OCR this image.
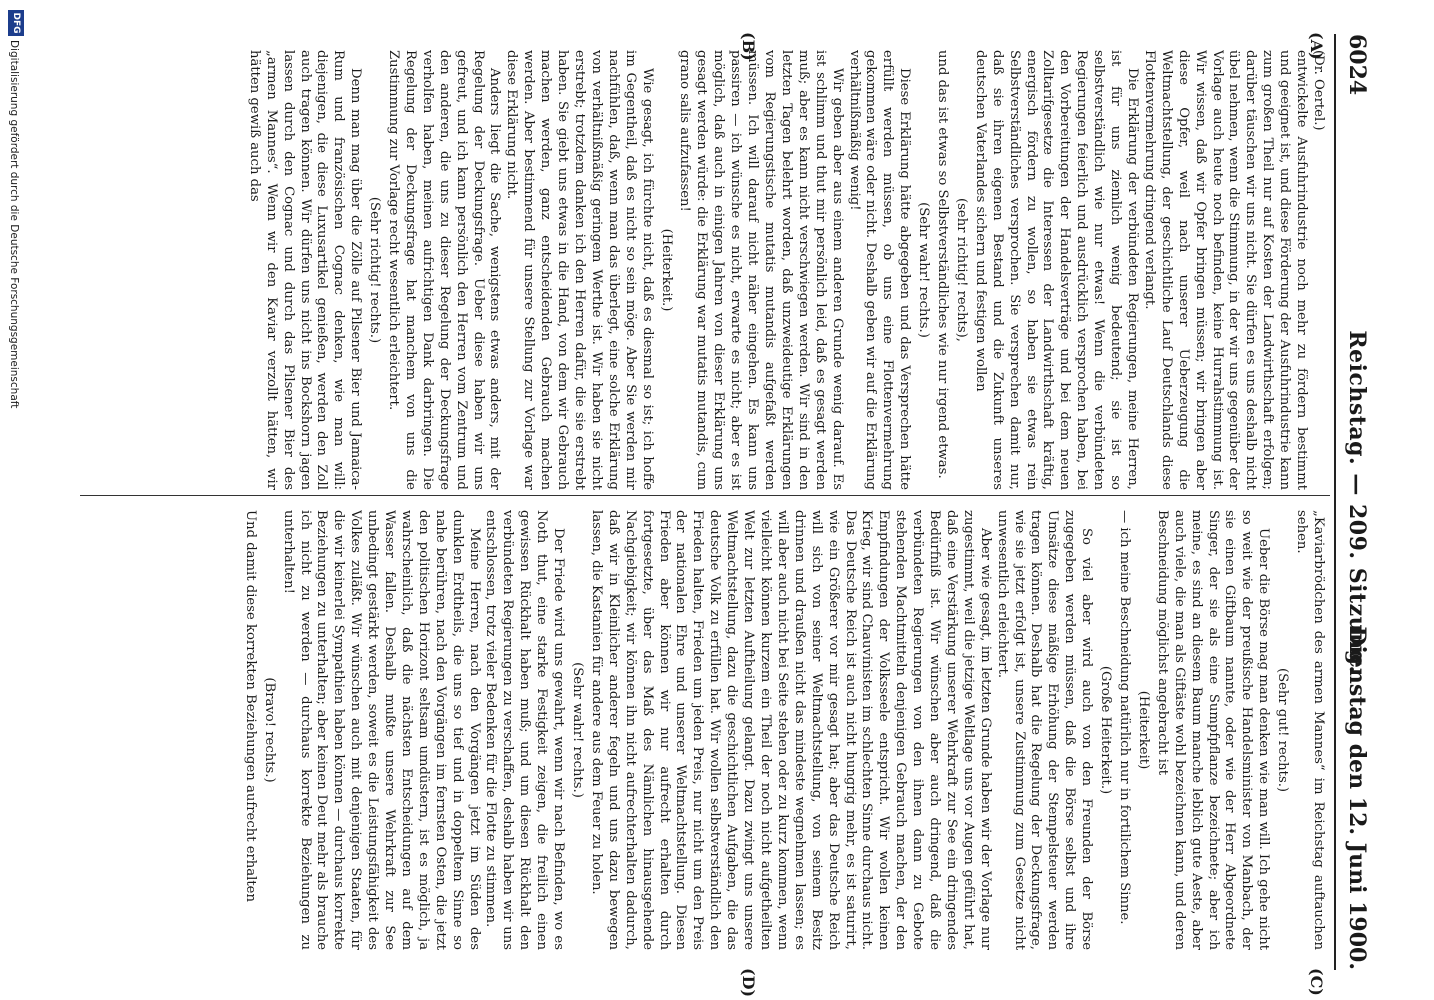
6024
Reichstag. — 209. Sitzung.
Dienstag den 12. Juni 1900.
(A)
(B)
(C)
(D)

(Dr. Oertel.)

entwickelte Ausfuhrindustrie noch mehr zu fördern bestimmt und geeignet ist, und diese Förderung der Ausfuhrindustrie kann zum großen Theil nur auf Kosten der Landwirthschaft erfolgen; darüber täuschen wir uns nicht. Sie dürfen es uns deshalb nicht übel nehmen, wenn die Stimmung, in der wir uns gegenüber der Vorlage auch heute noch befinden, keine Hurrahstimmung ist. Wir wissen, daß wir Opfer bringen müssen; wir bringen aber diese Opfer, weil nach unserer Ueberzeugung die Weltmachtstellung, der geschichtliche Lauf Deutschlands diese Flottenvermehrung dringend verlangt.

Die Erklärung der verbündeten Regierungen, meine Herren, ist für uns ziemlich wenig bedeutend; sie ist so selbstverständlich wie nur etwas! Wenn die verbündeten Regierungen feierlich und ausdrücklich versprochen haben, bei den Vorbereitungen der Handelsverträge und bei dem neuen Zolltarifgesetze die Interessen der Landwirthschaft kräftig, energisch fördern zu wollen, so haben sie etwas rein Selbstverständliches versprochen. Sie versprechen damit nur, daß sie ihren eigenen Bestand und die Zukunft unseres deutschen Vaterlandes sichern und festigen wollen

(sehr richtig! rechts),

und das ist etwas so Selbstverständliches wie nur irgend etwas.

(Sehr wahr! rechts.)

Diese Erklärung hätte abgegeben und das Versprechen hätte erfüllt werden müssen, ob uns eine Flottenvermehrung gekommen wäre oder nicht. Deshalb geben wir auf die Erklärung verhältnißmäßig wenig!

Wir geben aber aus einem anderen Grunde wenig darauf. Es ist schlimm und thut mir persönlich leid, daß es gesagt werden muß; aber es kann nicht verschwiegen werden. Wir sind in den letzten Tagen belehrt worden, daß unzweideutige Erklärungen vom Regierungstische mutatis mutandis aufgefaßt werden müssen. Ich will darauf nicht näher eingehen. Es kann uns passiren — ich wünsche es nicht, erwarte es nicht; aber es ist möglich, daß auch in einigen Jahren von dieser Erklärung uns gesagt werden würde: die Erklärung war mutatis mutandis, cum grano salis aufzufassen!

(Heiterkeit.)

Wie gesagt, ich fürchte nicht, daß es diesmal so ist; ich hoffe im Gegentheil, daß es nicht so sein möge. Aber Sie werden mir nachfühlen, daß, wenn man das überlegt, eine solche Erklärung von verhältnißmäßig geringem Werthe ist. Wir haben sie nicht erstrebt; trotzdem danken ich den Herren dafür, die sie erstrebt haben. Sie giebt uns etwas in die Hand, von dem wir Gebrauch machen werden, ganz entscheidenden Gebrauch machen werden. Aber bestimmend für unsere Stellung zur Vorlage war diese Erklärung nicht.

Anders liegt die Sache, wenigstens etwas anders, mit der Regelung der Deckungsfrage. Ueber diese haben wir uns gefreut, und ich kann persönlich den Herren vom Zentrum und den anderen, die uns zu dieser Regelung der Deckungsfrage verholfen haben, meinen aufrichtigen Dank darbringen. Die Regelung der Deckungsfrage hat manchem von uns die Zustimmung zur Vorlage recht wesentlich erleichtert.

(Sehr richtig! rechts.)

Denn man mag über die Zölle auf Pilsener Bier und Jamaica-Rum und französischen Cognac denken, wie man will: diejenigen, die diese Luxusartikel genießen, werden den Zoll auch tragen können. Wir dürfen uns nicht ins Bockshorn jagen lassen durch den Cognac und durch das Pilsener Bier des „armen Mannes“. Wenn wir den Kaviar verzollt hätten, wir hätten gewiß auch das

„Kaviarbrödchen des armen Mannes“ im Reichstag auftauchen sehen.

(Sehr gut! rechts.)

Ueber die Börse mag man denken wie man will. Ich gehe nicht so weit wie der preußische Handelsminister von Manbach, der sie einen Giftbaum nannte, oder wie der Herr Abgeordnete Singer, der sie als eine Sumpfpflanze bezeichnete; aber ich meine, es sind an diesem Baum manche leblich gute Aeste, aber auch viele, die man als Giftäste wohl bezeichnen kann, und deren Beschneidung möglichst angebracht ist

(Heiterkeit)

— ich meine Beschneidung natürlich nur in fortilichem Sinne.

(Große Heiterkeit.)

So viel aber wird auch von den Freunden der Börse zugegeben werden müssen, daß die Börse selbst und ihre Umsätze diese mäßige Erhöhung der Stempelsteuer werden tragen können. Deshalb hat die Regelung der Deckungsfrage, wie sie jetzt erfolgt ist, unsere Zustimmung zum Gesetze nicht unwesentlich erleichtert.

Aber wie gesagt, im letzten Grunde haben wir der Vorlage nur zugestimmt, weil die jetzige Weltlage uns vor Augen geführt hat, daß eine Verstärkung unserer Wehrkraft zur See ein dringendes Bedürfniß ist. Wir wünschen aber auch dringend, daß die verbündeten Regierungen von den ihnen dann zu Gebote stehenden Machtmitteln denjenigen Gebrauch machen, der den Empfindungen der Volksseele entspricht. Wir wollen keinen Krieg, wir sind Chauvinisten im schlechten Sinne durchaus nicht. Das Deutsche Reich ist auch nicht hungrig mehr, es ist saturirt, wie ein Größerer vor mir gesagt hat; aber das Deutsche Reich will sich von seiner Weltmachtstellung, von seinem Besitz drinnen und draußen nicht das mindeste wegnehmen lassen; es will aber auch nicht bei Seite stehen oder zu kurz kommen, wenn vielleicht können kurzem ein Theil der noch nicht aufgetheilten Welt zur letzten Auftheilung gelangt. Dazu zwingt uns unsere Weltmachtstellung, dazu die geschichtlichen Aufgaben, die das deutsche Volk zu erfüllen hat. Wir wollen selbstverständlich den Frieden halten, Frieden um jeden Preis, nur nicht um den Preis der nationalen Ehre und unserer Weltmachtstellung. Diesen Frieden aber können wir nur aufrecht erhalten durch fortgesetzte, über das Maß des Nämlichen hinausgehende Nachgiebigkeit; wir können ihn nicht aufrechterhalten dadurch, daß wir in Kleinlicher anderer fegeln und uns dazu bewegen lassen, die Kastanien für andere aus dem Feuer zu holen.

(Sehr wahr! rechts.)

Der Friede wird uns gewahrt, wenn wir nach Befinden, wo es Noth thut, eine starke Festigkeit zeigen, die freilich einen gewissen Rückhalt haben muß; und um diesen Rückhalt den verbündeten Regierungen zu verschaffen, deshalb haben wir uns entschlossen, trotz vieler Bedenken für die Flotte zu stimmen.

Meine Herren, nach den Vorgängen jetzt im Süden des dunklen Erdtheils, die uns so tief und in doppeltem Sinne so nahe berühren, nach den Vorgängen im fernsten Osten, die jetzt den politischen Horizont seltsam umdüstern, ist es möglich, ja wahrscheinlich, daß die nächsten Entscheidungen auf dem Wasser fallen. Deshalb mußte unsere Wehrkraft zur See unbedingt gestärkt werden, soweit es die Leistungsfähigkeit des Volkes zuläßt. Wir wünschen auch mit denjenigen Staaten, für die wir keinerlei Sympathien haben können — durchaus korrekte Beziehungen zu unterhalten; aber keinen Deut mehr als brauche ich nicht zu werden — durchaus korrekte Beziehungen zu unterhalten!

(Bravo! rechts.)

Und damit diese korrekten Beziehungen aufrecht erhalten

DFG
Digitalisierung gefördert durch die Deutsche Forschungsgemeinschaft
